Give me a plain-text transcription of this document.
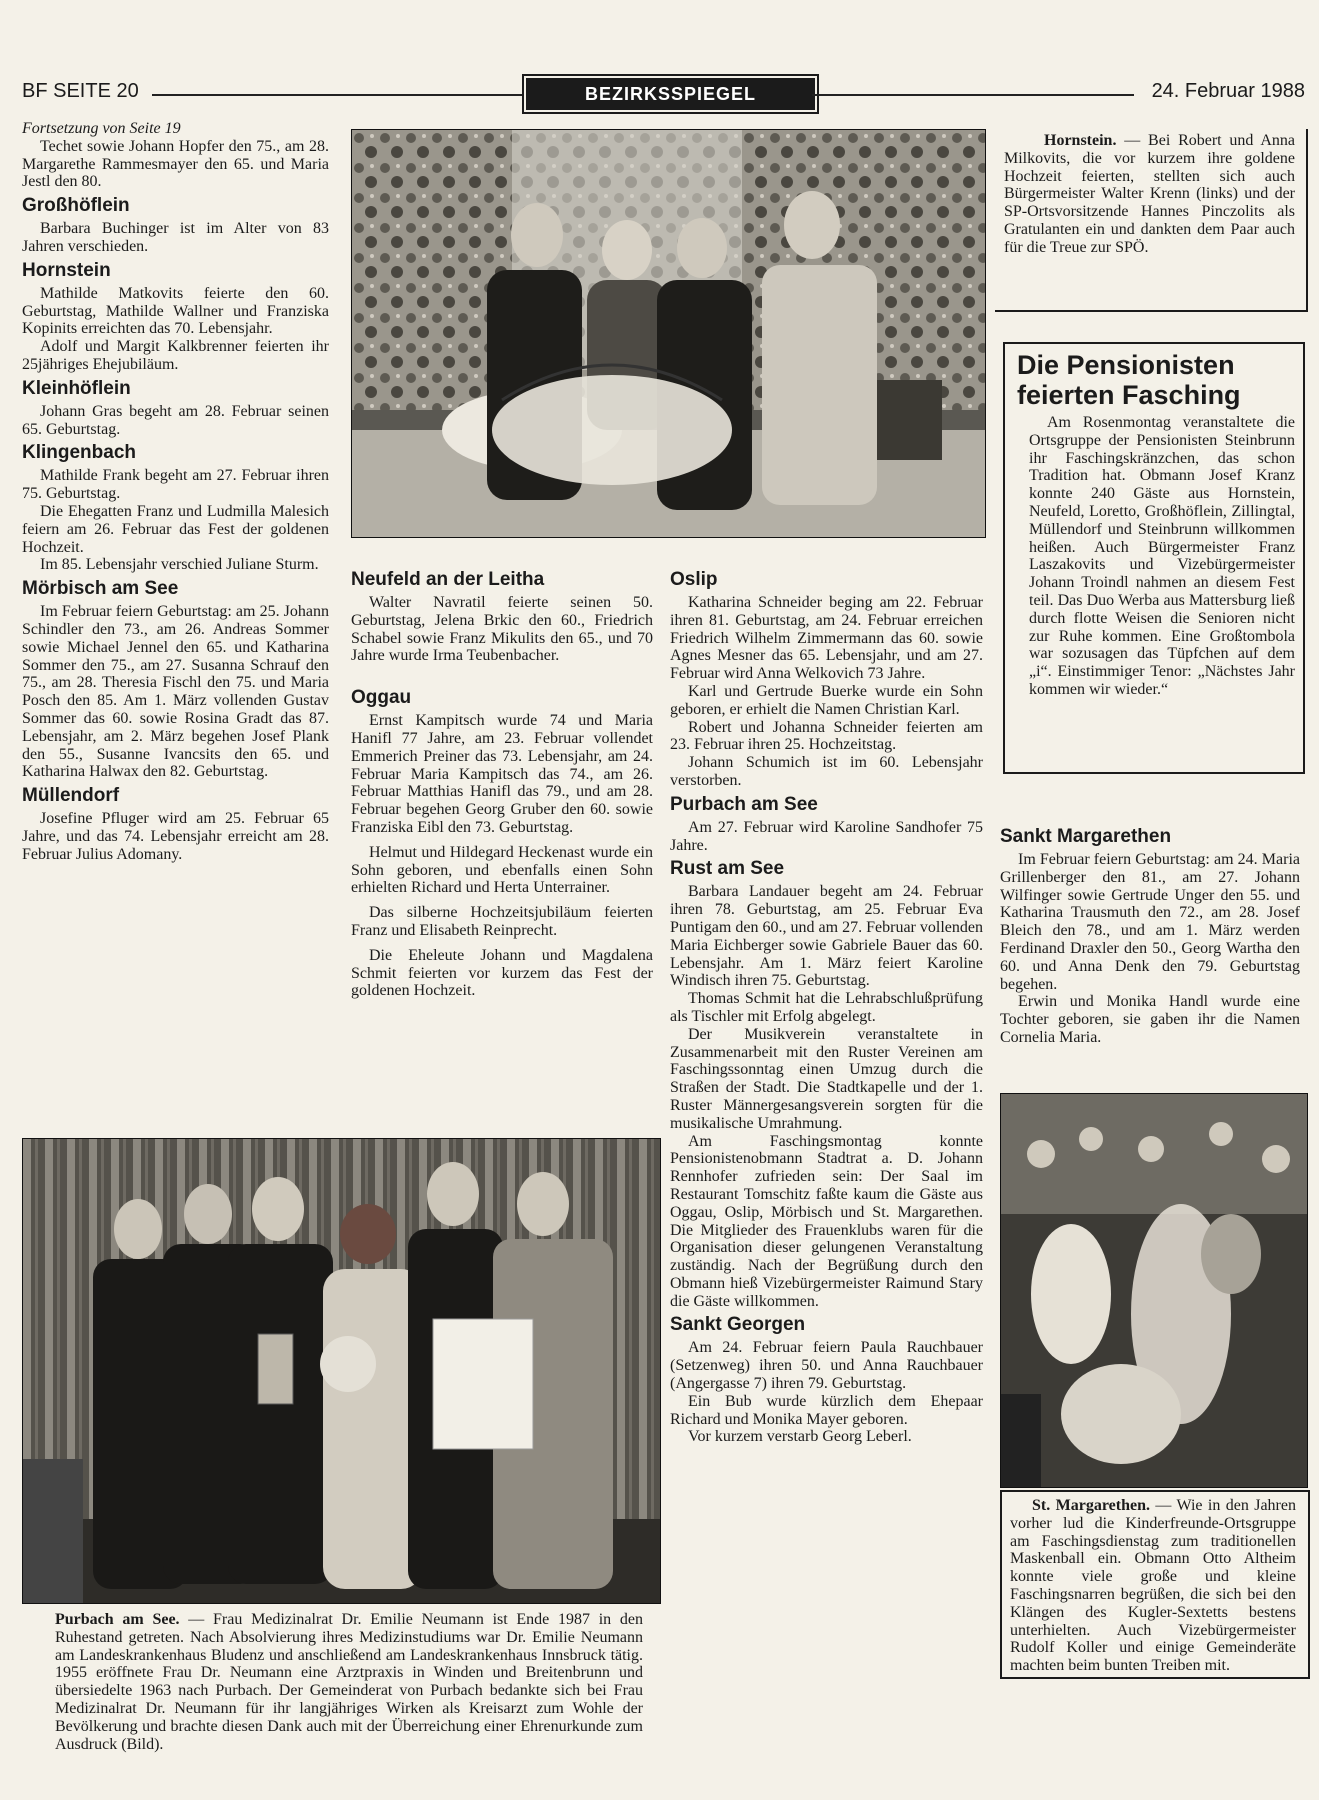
BF SEITE 20	BEZIRKSSPIEGEL	24. Februar 1988

Fortsetzung von Seite 19

Techet sowie Johann Hopfer den 75., am 28. Margarethe Rammesmayer den 65. und Maria Jestl den 80.

Großhöflein

Barbara Buchinger ist im Alter von 83 Jahren verschieden.

Hornstein

Mathilde Matkovits feierte den 60. Geburtstag, Mathilde Wallner und Franziska Kopinits erreichten das 70. Lebensjahr.

Adolf und Margit Kalkbrenner feierten ihr 25jähriges Ehejubiläum.

Kleinhöflein

Johann Gras begeht am 28. Februar seinen 65. Geburtstag.

Klingenbach

Mathilde Frank begeht am 27. Februar ihren 75. Geburtstag.

Die Ehegatten Franz und Ludmilla Malesich feiern am 26. Februar das Fest der goldenen Hochzeit.

Im 85. Lebensjahr verschied Juliane Sturm.

Mörbisch am See

Im Februar feiern Geburtstag: am 25. Johann Schindler den 73., am 26. Andreas Sommer sowie Michael Jennel den 65. und Katharina Sommer den 75., am 27. Susanna Schrauf den 75., am 28. Theresia Fischl den 75. und Maria Posch den 85. Am 1. März vollenden Gustav Sommer das 60. sowie Rosina Gradt das 87. Lebensjahr, am 2. März begehen Josef Plank den 55., Susanne Ivancsits den 65. und Katharina Halwax den 82. Geburtstag.

Müllendorf

Josefine Pfluger wird am 25. Februar 65 Jahre, und das 74. Lebensjahr erreicht am 28. Februar Julius Adomany.

Neufeld an der Leitha

Walter Navratil feierte seinen 50. Geburtstag, Jelena Brkic den 60., Friedrich Schabel sowie Franz Mikulits den 65., und 70 Jahre wurde Irma Teubenbacher.

Oggau

Ernst Kampitsch wurde 74 und Maria Hanifl 77 Jahre, am 23. Februar vollendet Emmerich Preiner das 73. Lebensjahr, am 24. Februar Maria Kampitsch das 74., am 26. Februar Matthias Hanifl das 79., und am 28. Februar begehen Georg Gruber den 60. sowie Franziska Eibl den 73. Geburtstag.

Helmut und Hildegard Heckenast wurde ein Sohn geboren, und ebenfalls einen Sohn erhielten Richard und Herta Unterrainer.

Das silberne Hochzeitsjubiläum feierten Franz und Elisabeth Reinprecht.

Die Eheleute Johann und Magdalena Schmit feierten vor kurzem das Fest der goldenen Hochzeit.

Oslip

Katharina Schneider beging am 22. Februar ihren 81. Geburtstag, am 24. Februar erreichen Friedrich Wilhelm Zimmermann das 60. sowie Agnes Mesner das 65. Lebensjahr, und am 27. Februar wird Anna Welkovich 73 Jahre.

Karl und Gertrude Buerke wurde ein Sohn geboren, er erhielt die Namen Christian Karl.

Robert und Johanna Schneider feierten am 23. Februar ihren 25. Hochzeitstag.

Johann Schumich ist im 60. Lebensjahr verstorben.

Purbach am See

Am 27. Februar wird Karoline Sandhofer 75 Jahre.

Rust am See

Barbara Landauer begeht am 24. Februar ihren 78. Geburtstag, am 25. Februar Eva Puntigam den 60., und am 27. Februar vollenden Maria Eichberger sowie Gabriele Bauer das 60. Lebensjahr. Am 1. März feiert Karoline Windisch ihren 75. Geburtstag.

Thomas Schmit hat die Lehrabschlußprüfung als Tischler mit Erfolg abgelegt.

Der Musikverein veranstaltete in Zusammenarbeit mit den Ruster Vereinen am Faschingssonntag einen Umzug durch die Straßen der Stadt. Die Stadtkapelle und der 1. Ruster Männergesangsverein sorgten für die musikalische Umrahmung.

Am Faschingsmontag konnte Pensionistenobmann Stadtrat a. D. Johann Rennhofer zufrieden sein: Der Saal im Restaurant Tomschitz faßte kaum die Gäste aus Oggau, Oslip, Mörbisch und St. Margarethen. Die Mitglieder des Frauenklubs waren für die Organisation dieser gelungenen Veranstaltung zuständig. Nach der Begrüßung durch den Obmann hieß Vizebürgermeister Raimund Stary die Gäste willkommen.

Sankt Georgen

Am 24. Februar feiern Paula Rauchbauer (Setzenweg) ihren 50. und Anna Rauchbauer (Angergasse 7) ihren 79. Geburtstag.

Ein Bub wurde kürzlich dem Ehepaar Richard und Monika Mayer geboren.

Vor kurzem verstarb Georg Leberl.

Purbach am See. — Frau Medizinalrat Dr. Emilie Neumann ist Ende 1987 in den Ruhestand getreten. Nach Absolvierung ihres Medizinstudiums war Dr. Emilie Neumann am Landeskrankenhaus Bludenz und anschließend am Landeskrankenhaus Innsbruck tätig. 1955 eröffnete Frau Dr. Neumann eine Arztpraxis in Winden und Breitenbrunn und übersiedelte 1963 nach Purbach. Der Gemeinderat von Purbach bedankte sich bei Frau Medizinalrat Dr. Neumann für ihr langjähriges Wirken als Kreisarzt zum Wohle der Bevölkerung und brachte diesen Dank auch mit der Überreichung einer Ehrenurkunde zum Ausdruck (Bild).
Hornstein. — Bei Robert und Anna Milkovits, die vor kurzem ihre goldene Hochzeit feierten, stellten sich auch Bürgermeister Walter Krenn (links) und der SP-Ortsvorsitzende Hannes Pinczolits als Gratulanten ein und dankten dem Paar auch für die Treue zur SPÖ.
Die Pensionisten feierten Fasching

Am Rosenmontag veranstaltete die Ortsgruppe der Pensionisten Steinbrunn ihr Faschingskränzchen, das schon Tradition hat. Obmann Josef Kranz konnte 240 Gäste aus Hornstein, Neufeld, Loretto, Großhöflein, Zillingtal, Müllendorf und Steinbrunn willkommen heißen. Auch Bürgermeister Franz Laszakovits und Vizebürgermeister Johann Troindl nahmen an diesem Fest teil. Das Duo Werba aus Mattersburg ließ durch flotte Weisen die Senioren nicht zur Ruhe kommen. Eine Großtombola war sozusagen das Tüpfchen auf dem „i“. Einstimmiger Tenor: „Nächstes Jahr kommen wir wieder.“

Sankt Margarethen

Im Februar feiern Geburtstag: am 24. Maria Grillenberger den 81., am 27. Johann Wilfinger sowie Gertrude Unger den 55. und Katharina Trausmuth den 72., am 28. Josef Bleich den 78., und am 1. März werden Ferdinand Draxler den 50., Georg Wartha den 60. und Anna Denk den 79. Geburtstag begehen.

Erwin und Monika Handl wurde eine Tochter geboren, sie gaben ihr die Namen Cornelia Maria.

St. Margarethen. — Wie in den Jahren vorher lud die Kinderfreunde-Ortsgruppe am Faschingsdienstag zum traditionellen Maskenball ein. Obmann Otto Altheim konnte viele große und kleine Faschingsnarren begrüßen, die sich bei den Klängen des Kugler-Sextetts bestens unterhielten. Auch Vizebürgermeister Rudolf Koller und einige Gemeinderäte machten beim bunten Treiben mit.
